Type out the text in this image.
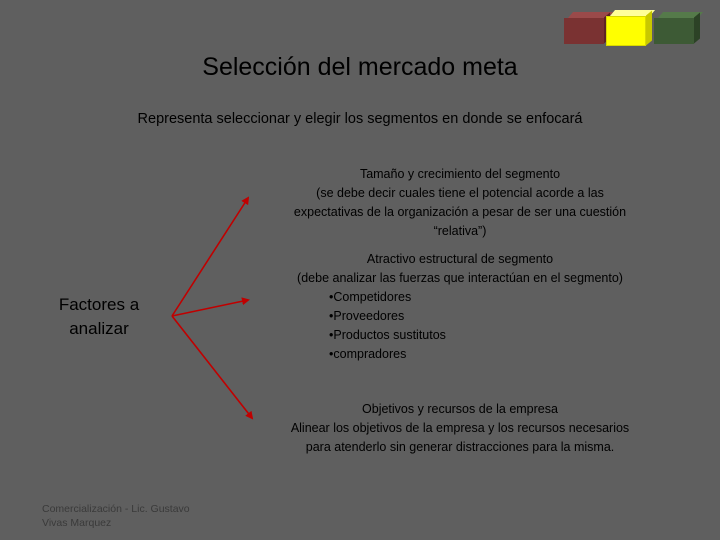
Selección del mercado meta
Representa seleccionar y elegir los segmentos en donde se enfocará
Factores a
analizar
Tamaño y crecimiento del segmento
(se debe decir cuales tiene el potencial acorde a las
expectativas de la organización a pesar de ser una cuestión
“relativa”)
Atractivo estructural de segmento
(debe analizar las fuerzas que interactúan en el segmento)
•Competidores
•Proveedores
•Productos sustitutos
•compradores
Objetivos y recursos de la empresa
Alinear los objetivos de la empresa y los recursos necesarios
para atenderlo sin generar distracciones para la misma.
Comercialización - Lic. Gustavo
Vivas Marquez
